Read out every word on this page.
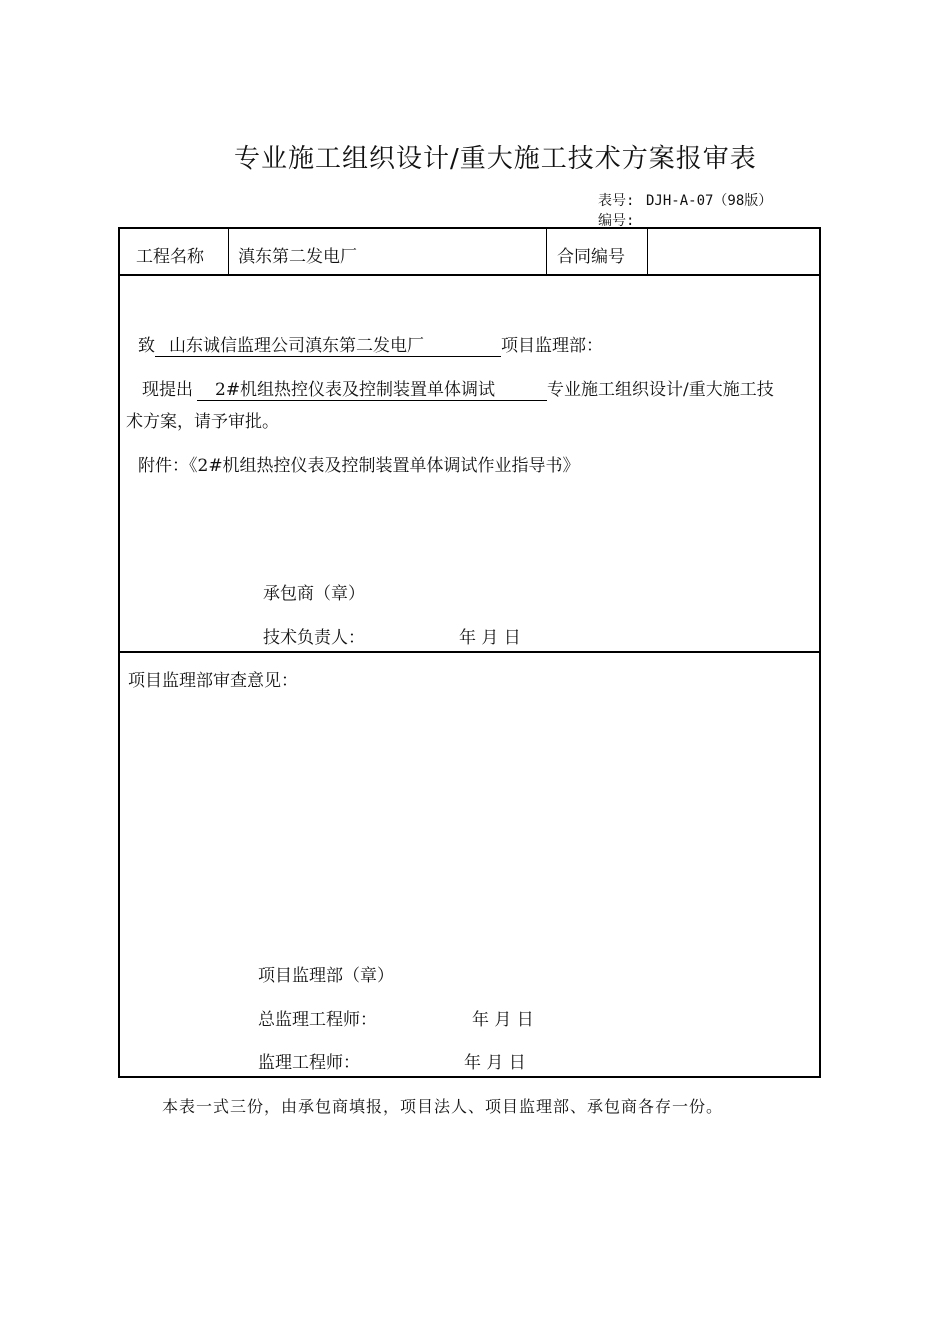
专业施工组织设计/重大施工技术方案报审表
表号: DJH-A-07（98版）
编号:
工程名称 滇东第二发电厂	合同编号
致 山东诚信监理公司滇东第二发电厂	项目监理部：
现提出 2#机组热控仪表及控制装置单体调试	专业施工组织设计/重大施工技
术方案，请予审批。
附件：《2#机组热控仪表及控制装置单体调试作业指导书》
承包商（章）
技术负责人：	年 月 日
项目监理部审查意见：
项目监理部（章）
总监理工程师：	年 月 日
监理工程师：	年 月 日
本表一式三份，由承包商填报，项目法人、项目监理部、承包商各存一份。
